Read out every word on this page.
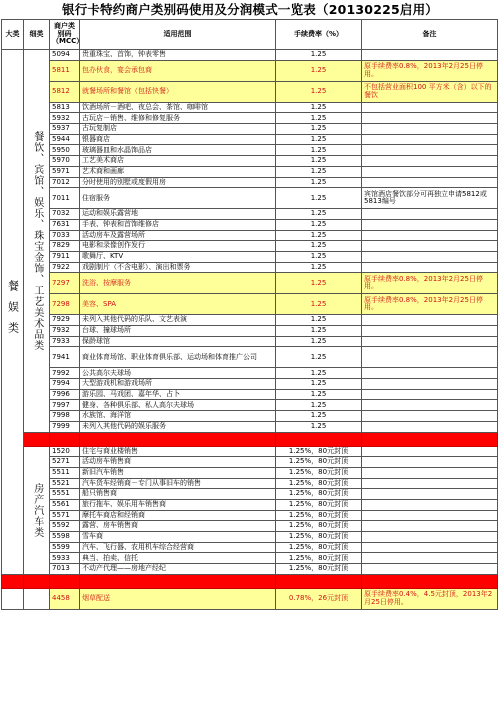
银行卡特约商户类别码使用及分润模式一览表（20130225启用）
大类	细类	商户类别码（MCC）	适用范围	手续费率（%）	备注
餐娱类	餐饮、宾馆、娱乐、珠宝金饰、工艺美术品类	5094	贵重珠宝、首饰，钟表零售	1.25	
		5811	包办伙食，宴会承包商	1.25	原手续费率0.8%，2013年2月25日停用。
		5812	就餐场所和餐馆（包括快餐）	1.25	不包括营业面积100 平方米（含）以下的餐饮
		5813	饮酒场所－酒吧、夜总会、茶馆、咖啡馆	1.25	
		5932	古玩店－销售、维修和修复服务	1.25	
		5937	古玩复制店	1.25	
		5944	银器商店	1.25	
		5950	玻璃器皿和水晶饰品店	1.25	
		5970	工艺美术商店	1.25	
		5971	艺术商和画廊	1.25	
		7012	分时使用的别墅或度假用房	1.25	
		7011	住宿服务	1.25	宾馆酒店餐饮部分可再独立申请5812或5813编号
		7032	运动和娱乐露营地	1.25	
		7631	手表、钟表和首饰维修店	1.25	
		7033	活动房车及露营场所	1.25	
		7829	电影和录像创作发行	1.25	
		7911	歌舞厅、KTV	1.25	
		7922	戏剧制片（不含电影）、演出和票务	1.25	
		7297	洗浴、按摩服务	1.25	原手续费率0.8%，2013年2月25日停用。
		7298	美容、SPA	1.25	原手续费率0.8%，2013年2月25日停用。
		7929	未列入其他代码的乐队、文艺表演	1.25	
		7932	台球、撞球场所	1.25	
		7933	保龄球馆	1.25	
		7941	商业体育场馆、职业体育俱乐部、运动场和体育推广公司	1.25	
		7992	公共高尔夫球场	1.25	
		7994	大型游戏机和游戏场所	1.25	
		7996	游乐园、马戏团、嘉年华、占卜	1.25	
		7997	健身、各种俱乐部、私人高尔夫球场	1.25	
		7998	水族馆、海洋馆	1.25	
		7999	未列入其他代码的娱乐服务	1.25	

	房产汽车类	1520	住宅与商业楼销售	1.25%，80元封顶	
		5271	活动房车销售商	1.25%，80元封顶	
		5511	新旧汽车销售	1.25%，80元封顶	
		5521	汽车货车经销商－专门从事旧车的销售	1.25%，80元封顶	
		5551	船只销售商	1.25%，80元封顶	
		5561	旅行拖车、娱乐用车销售商	1.25%，80元封顶	
		5571	摩托车商店和经销商	1.25%，80元封顶	
		5592	露营、房车销售商	1.25%，80元封顶	
		5598	雪车商	1.25%，80元封顶	
		5599	汽车、飞行器、农用机车综合经营商	1.25%，80元封顶	
		5933	典当、拍卖、信托	1.25%，80元封顶	
		7013	不动产代理——房地产经纪	1.25%，80元封顶	

		4458	烟草配送	0.78%，26元封顶	原手续费率0.4%，4.5元封顶，2013年2月25日停用。
